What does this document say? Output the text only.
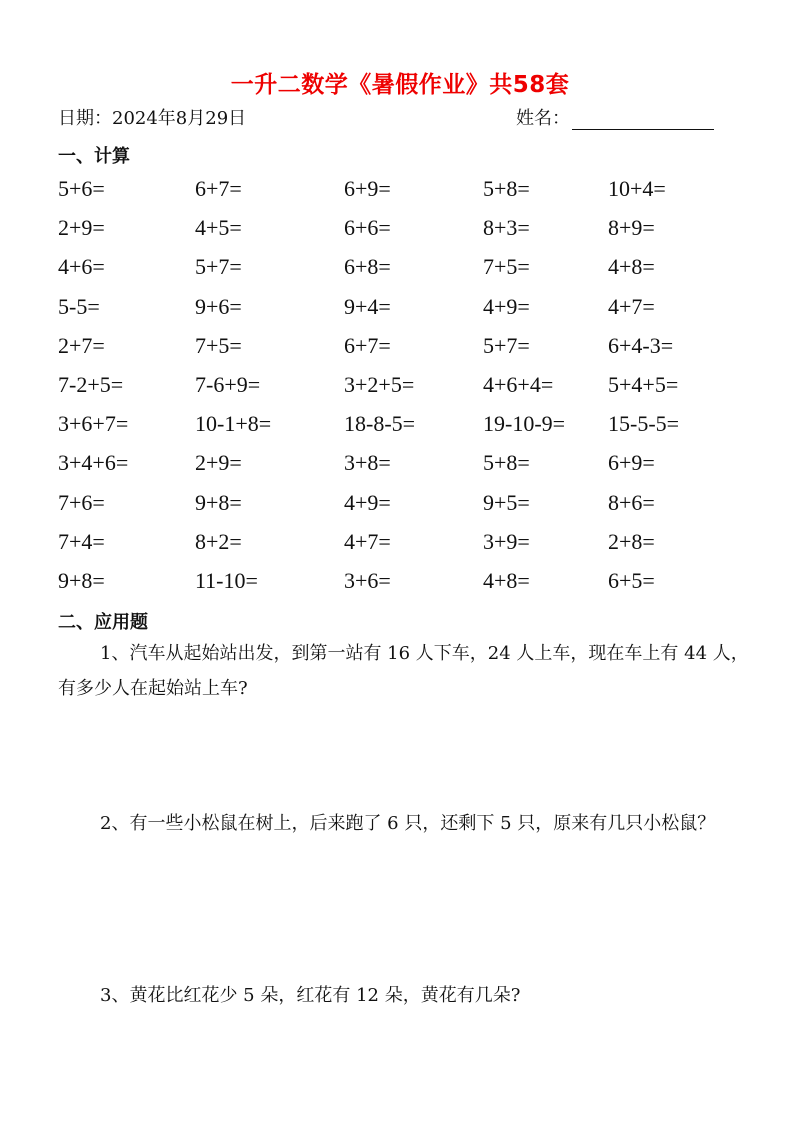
一升二数学《暑假作业》共58套
日期：2024年8月29日	姓名：
一、计算
5+6=	6+7=	6+9=	5+8=	10+4=
2+9=	4+5=	6+6=	8+3=	8+9=
4+6=	5+7=	6+8=	7+5=	4+8=
5-5=	9+6=	9+4=	4+9=	4+7=
2+7=	7+5=	6+7=	5+7=	6+4-3=
7-2+5=	7-6+9=	3+2+5=	4+6+4= 5+4+5=
3+6+7=	10-1+8=	18-8-5=	19-10-9= 15-5-5=
3+4+6=	2+9=	3+8=	5+8=	6+9=
7+6=	9+8=	4+9=	9+5=	8+6=
7+4=	8+2=	4+7=	3+9=	2+8=
9+8=	11-10=	3+6=	4+8=	6+5=
二、应用题
1、汽车从起始站出发，到第一站有 16 人下车，24 人上车，现在车上有 44 人，有多少人在起始站上车?
2、有一些小松鼠在树上，后来跑了 6 只，还剩下 5 只，原来有几只小松鼠？
3、黄花比红花少 5 朵，红花有 12 朵，黄花有几朵?
